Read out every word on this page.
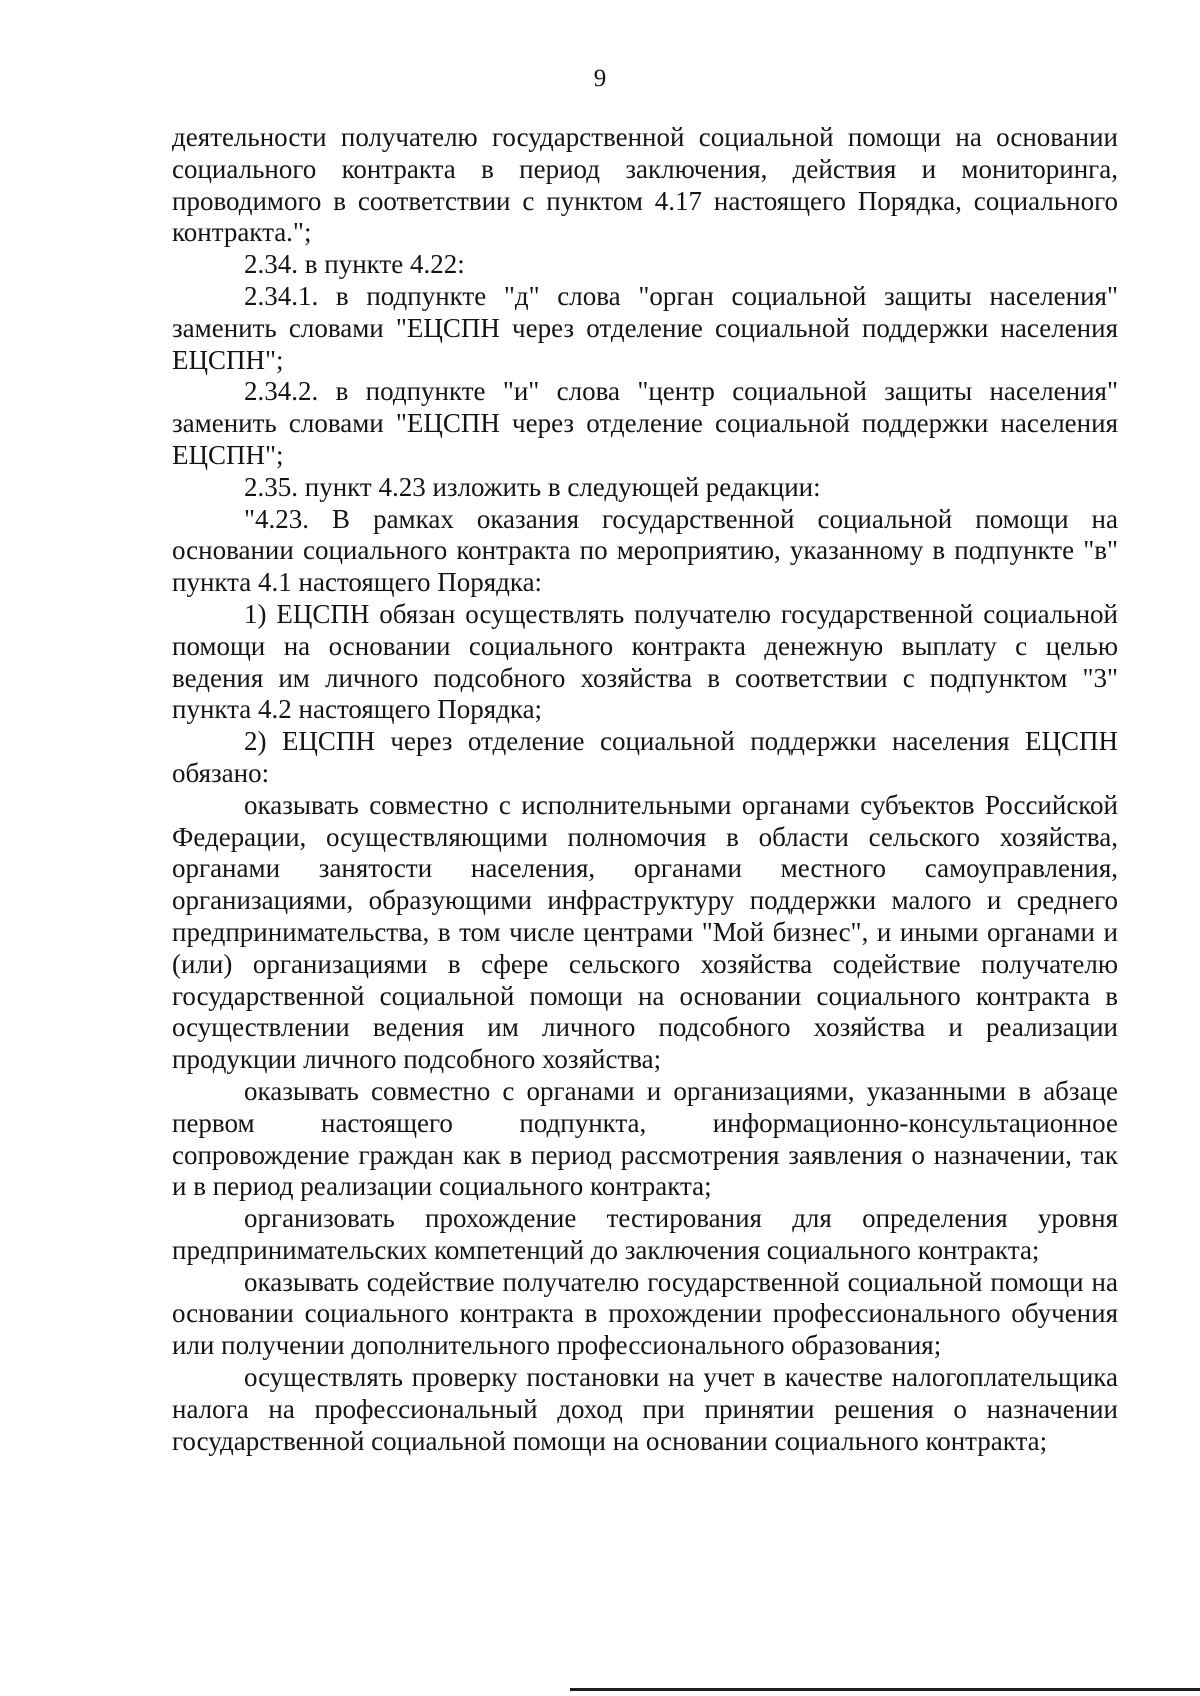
9

деятельности получателю государственной социальной помощи на основании социального контракта в период заключения, действия и мониторинга, проводимого в соответствии с пунктом 4.17 настоящего Порядка, социального контракта.";

2.34. в пункте 4.22:

2.34.1. в подпункте "д" слова "орган социальной защиты населения" заменить словами "ЕЦСПН через отделение социальной поддержки населения ЕЦСПН";

2.34.2. в подпункте "и" слова "центр социальной защиты населения" заменить словами "ЕЦСПН через отделение социальной поддержки населения ЕЦСПН";

2.35. пункт 4.23 изложить в следующей редакции:

"4.23. В рамках оказания государственной социальной помощи на основании социального контракта по мероприятию, указанному в подпункте "в" пункта 4.1 настоящего Порядка:

1) ЕЦСПН обязан осуществлять получателю государственной социальной помощи на основании социального контракта денежную выплату с целью ведения им личного подсобного хозяйства в соответствии с подпунктом "3" пункта 4.2 настоящего Порядка;

2) ЕЦСПН через отделение социальной поддержки населения ЕЦСПН обязано:

оказывать совместно с исполнительными органами субъектов Российской Федерации, осуществляющими полномочия в области сельского хозяйства, органами занятости населения, органами местного самоуправления, организациями, образующими инфраструктуру поддержки малого и среднего предпринимательства, в том числе центрами "Мой бизнес", и иными органами и (или) организациями в сфере сельского хозяйства содействие получателю государственной социальной помощи на основании социального контракта в осуществлении ведения им личного подсобного хозяйства и реализации продукции личного подсобного хозяйства;

оказывать совместно с органами и организациями, указанными в абзаце первом настоящего подпункта, информационно-консультационное сопровождение граждан как в период рассмотрения заявления о назначении, так и в период реализации социального контракта;

организовать прохождение тестирования для определения уровня предпринимательских компетенций до заключения социального контракта;

оказывать содействие получателю государственной социальной помощи на основании социального контракта в прохождении профессионального обучения или получении дополнительного профессионального образования;

осуществлять проверку постановки на учет в качестве налогоплательщика налога на профессиональный доход при принятии решения о назначении государственной социальной помощи на основании социального контракта;
